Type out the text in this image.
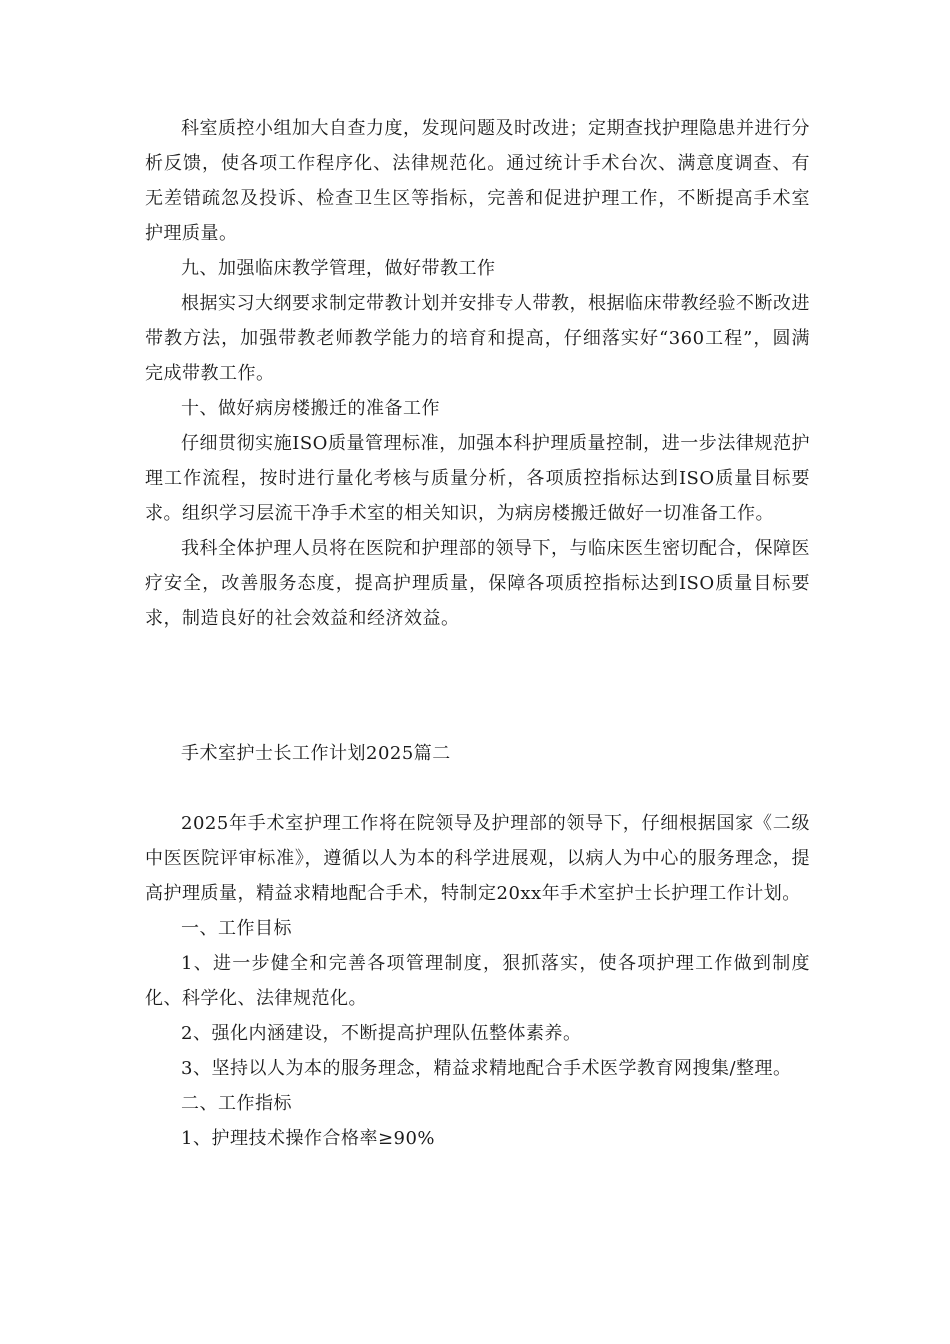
科室质控小组加大自查力度，发现问题及时改进；定期查找护理隐患并进行分析反馈，使各项工作程序化、法律规范化。通过统计手术台次、满意度调查、有无差错疏忽及投诉、检查卫生区等指标，完善和促进护理工作，不断提高手术室护理质量。

九、加强临床教学管理，做好带教工作

根据实习大纲要求制定带教计划并安排专人带教，根据临床带教经验不断改进带教方法，加强带教老师教学能力的培育和提高，仔细落实好“360工程”，圆满完成带教工作。

十、做好病房楼搬迁的准备工作

仔细贯彻实施ISO质量管理标准，加强本科护理质量控制，进一步法律规范护理工作流程，按时进行量化考核与质量分析，各项质控指标达到ISO质量目标要求。组织学习层流干净手术室的相关知识，为病房楼搬迁做好一切准备工作。

我科全体护理人员将在医院和护理部的领导下，与临床医生密切配合，保障医疗安全，改善服务态度，提高护理质量，保障各项质控指标达到ISO质量目标要求，制造良好的社会效益和经济效益。

手术室护士长工作计划2025篇二

2025年手术室护理工作将在院领导及护理部的领导下，仔细根据国家《二级中医医院评审标准》，遵循以人为本的科学进展观，以病人为中心的服务理念，提高护理质量，精益求精地配合手术，特制定20xx年手术室护士长护理工作计划。

一、工作目标

1、进一步健全和完善各项管理制度，狠抓落实，使各项护理工作做到制度化、科学化、法律规范化。

2、强化内涵建设，不断提高护理队伍整体素养。

3、坚持以人为本的服务理念，精益求精地配合手术医学教育网搜集/整理。

二、工作指标

1、护理技术操作合格率≥90%
